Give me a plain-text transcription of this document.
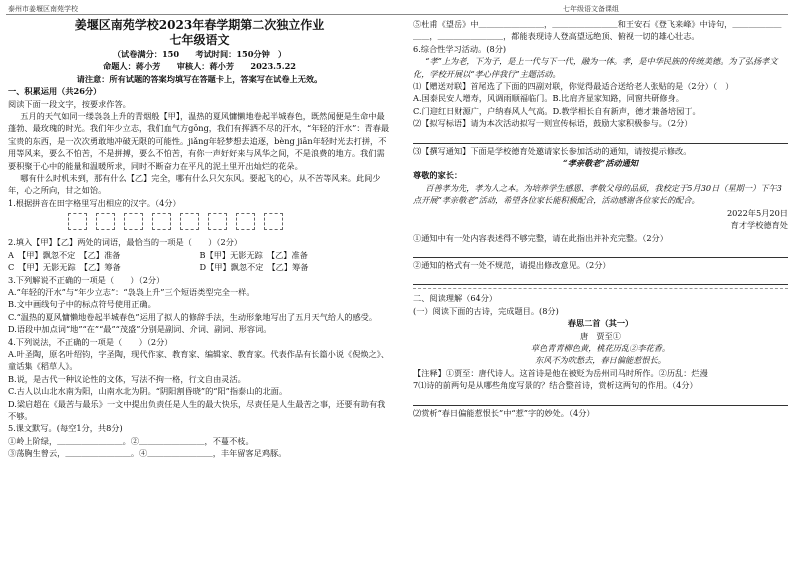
泰州市姜堰区南苑学校	七年级语文备课组
姜堰区南苑学校2023年春学期第二次独立作业
七年级语文
（试卷满分：150　　考试时间：150分钟　）
命题人：蒋小芳　　审核人：蒋小芳　　2023.5.22
请注意：所有试题的答案均填写在答题卡上，答案写在试卷上无效。
一、积累运用（共26分）
阅读下面一段文字，按要求作答。
五月的天气如同一缕袅袅上升的青烟般【甲】，温热的夏风慵懒地卷起半城春色，既然闻便是生命中最蓬勃、最玫瑰的时光。我们年少立志，我们血气方gōng，我们有挥洒不尽的汗水，“年轻的汗水”：青春最宝贵的东西，是一次次勇敢地冲破无限的可能性。jiǎng年轻梦想去追逐，bèng jiān年轻时光去打拼，不用等风来，要么不怕苦，不是拼搏，要么不怕苦，有你一声好好来与风华之间，不是浪费的地方。我们需要积聚于心中的能量和温暖所求，同时不断奋力在平凡的泥土里开出灿烂的花朵。
哪有什么时机未到，那有什么【乙】完全，哪有什么只欠东风。要起飞的心，从不苦等风来。此间少年，心之所向，甘之如饴。
1.根据拼音在田字格里写出相应的汉字。（4分）
2.填入【甲】【乙】两处的词语，最恰当的一项是（　　）（2分）
A　【甲】飘忽不定　【乙】准备	B【甲】无影无踪　【乙】准备
C　【甲】无影无踪　【乙】筹备	D【甲】飘忽不定　【乙】筹备
3.下列解说不正确的一项是（　　）（2分）
A.“年轻的汗水”与“年少立志”：“袅袅上升”三个短语类型完全一样。
B.文中画线句子中的标点符号使用正确。
C.“温热的夏风慵懒地卷起半城春色”运用了拟人的修辞手法，生动形象地写出了五月天气给人的感受。
D.语段中加点词“地”“在”“最”“茂盛”分别是副词、介词、副词、形容词。
4.下列说法，不正确的一项是（　　）（2分）
A.叶圣陶，原名叶绍钧，字圣陶，现代作家、教育家、编辑家、教育家。代表作品有长篇小说《倪焕之》、童话集《稻草人》。
B.说，是古代一种议论性的文体，写法不拘一格，行文自由灵活。
C.古人以山北水南为阳，山南水北为阴。“阴阳割昏晓”的“阳”指泰山的北面。
D.梁启超在《最苦与最乐》一文中提出负责任是人生的最大快乐，尽责任是人生最苦之事，还要有助有我不够。
5.课文默写。(每空1分，共8分)
①岭上阶绿，＿＿＿＿＿＿＿＿。②＿＿＿＿＿＿＿＿，不蔓不枝。
③荡胸生曾云，＿＿＿＿＿＿＿＿。④＿＿＿＿＿＿＿＿，丰年留客足鸡豚。
⑤杜甫《望岳》中＿＿＿＿＿＿＿＿，＿＿＿＿＿＿＿＿和王安石《登飞来峰》中诗句，＿＿＿＿＿＿＿＿，＿＿＿＿＿＿＿＿，都能表现诗人登高望远绝顶、俯视一切的雄心壮志。
6.综合性学习活动。(8分)
“孝”上为老，下为子，是上一代与下一代，融为一体。孝，是中华民族的传统美德。为了弘扬孝文化，学校开展以“孝心伴我行”主题活动。
⑴【赠送对联】首尾选了下面的四副对联，你觉得最适合送给老人张贴的是（2分）（　）
A.国泰民安人增寿，风调雨顺福临门。B.比肩齐显家知路，同窗共研修身。
C.门迎红日财源广，户纳春风人气高。D.教学相长自有新声，德才兼备培园丁。
⑵【拟写标语】请为本次活动拟写一则宣传标语，鼓励大家积极参与。（2分）
⑶【撰写通知】下面是学校德育处邀请家长参加活动的通知，请按提示修改。
“孝亲敬老”活动通知
尊敬的家长：
百善孝为先，孝为人之本。为培养学生感恩、孝敬父母的品质，我校定于5月30日（星期一）下午3点开展“孝亲敬老”活动，希望各位家长能积极配合，活动感谢各位家长的配合。
2022年5月20日
育才学校德育处
①通知中有一处内容表述得不够完整，请在此指出并补充完整。（2分）
②通知的格式有一处不规范，请提出修改意见。（2分）
二、阅读理解（64分）
(一）阅读下面的古诗，完成题目。(8分)
春思二首（其一）
唐　贾至①
草色青青柳色黄，桃花历乱②李花香。
东风不为吹愁去，春日偏能惹恨长。
【注释】①贾至：唐代诗人。这首诗是他在被贬为岳州司马时所作。②历乱：烂漫
7⑴诗的前两句是从哪些角度写景的？结合整首诗，赏析这两句的作用。（4分）
⑵赏析“春日偏能惹恨长”中“惹”字的妙处。（4分）
